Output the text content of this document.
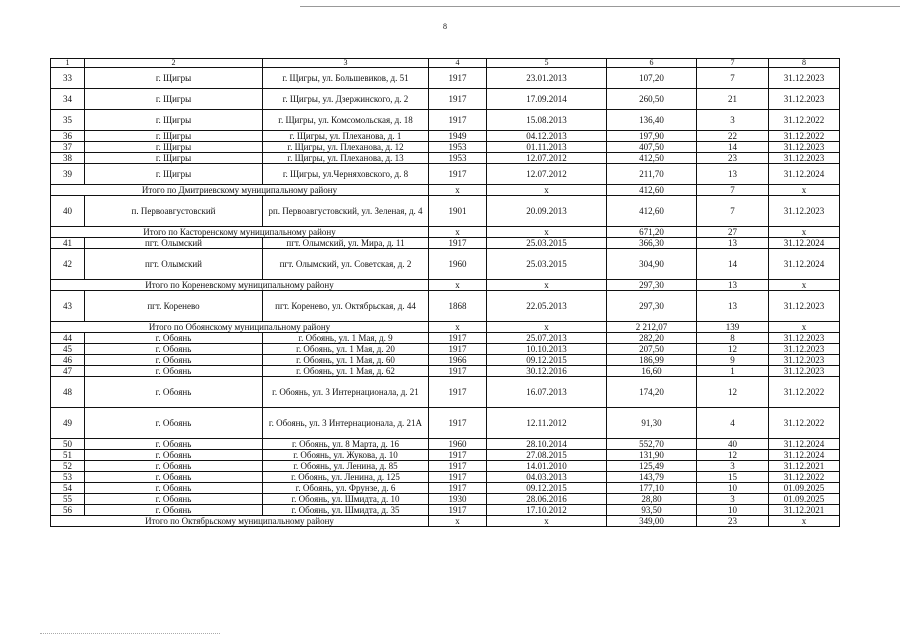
8
1	2	3	4	5	6	7	8
33	г. Щигры	г. Щигры, ул. Большевиков, д. 51	1917	23.01.2013	107,20	7	31.12.2023
34	г. Щигры	г. Щигры, ул. Дзержинского, д. 2	1917	17.09.2014	260,50	21	31.12.2023
35	г. Щигры	г. Щигры, ул. Комсомольская, д. 18	1917	15.08.2013	136,40	3	31.12.2022
36	г. Щигры	г. Щигры, ул. Плеханова, д. 1	1949	04.12.2013	197,90	22	31.12.2022
37	г. Щигры	г. Щигры, ул. Плеханова, д. 12	1953	01.11.2013	407,50	14	31.12.2023
38	г. Щигры	г. Щигры, ул. Плеханова, д. 13	1953	12.07.2012	412,50	23	31.12.2023
39	г. Щигры	г. Щигры, ул.Черняховского, д. 8	1917	12.07.2012	211,70	13	31.12.2024
Итого по Дмитриевскому муниципальному району			x	x	412,60	7	x
40	п. Первоавгустовский	рп. Первоавгустовский, ул. Зеленая, д. 4	1901	20.09.2013	412,60	7	31.12.2023
Итого по Касторенскому муниципальному району			x	x	671,20	27	x
41	пгт. Олымский	пгт. Олымский, ул. Мира, д. 11	1917	25.03.2015	366,30	13	31.12.2024
42	пгт. Олымский	пгт. Олымский, ул. Советская, д. 2	1960	25.03.2015	304,90	14	31.12.2024
Итого по Кореневскому муниципальному району			x	x	297,30	13	x
43	пгт. Коренево	пгт. Коренево, ул. Октябрьская, д. 44	1868	22.05.2013	297,30	13	31.12.2023
Итого по Обоянскому муниципальному району			x	x	2 212,07	139	x
44	г. Обоянь	г. Обоянь, ул. 1 Мая, д. 9	1917	25.07.2013	282,20	8	31.12.2023
45	г. Обоянь	г. Обоянь, ул. 1 Мая, д. 20	1917	10.10.2013	207,50	12	31.12.2023
46	г. Обоянь	г. Обоянь, ул. 1 Мая, д. 60	1966	09.12.2015	186,99	9	31.12.2023
47	г. Обоянь	г. Обоянь, ул. 1 Мая, д. 62	1917	30.12.2016	16,60	1	31.12.2023
48	г. Обоянь	г. Обоянь, ул. 3 Интернационала, д. 21	1917	16.07.2013	174,20	12	31.12.2022
49	г. Обоянь	г. Обоянь, ул. 3 Интернационала, д. 21А	1917	12.11.2012	91,30	4	31.12.2022
50	г. Обоянь	г. Обоянь, ул. 8 Марта, д. 16	1960	28.10.2014	552,70	40	31.12.2024
51	г. Обоянь	г. Обоянь, ул. Жукова, д. 10	1917	27.08.2015	131,90	12	31.12.2024
52	г. Обоянь	г. Обоянь, ул. Ленина, д. 85	1917	14.01.2010	125,49	3	31.12.2021
53	г. Обоянь	г. Обоянь, ул. Ленина, д. 125	1917	04.03.2013	143,79	15	31.12.2022
54	г. Обоянь	г. Обоянь, ул. Фрунзе, д. 6	1917	09.12.2015	177,10	10	01.09.2025
55	г. Обоянь	г. Обоянь, ул. Шмидта, д. 10	1930	28.06.2016	28,80	3	01.09.2025
56	г. Обоянь	г. Обоянь, ул. Шмидта, д. 35	1917	17.10.2012	93,50	10	31.12.2021
Итого по Октябрьскому муниципальному району			x	x	349,00	23	x
